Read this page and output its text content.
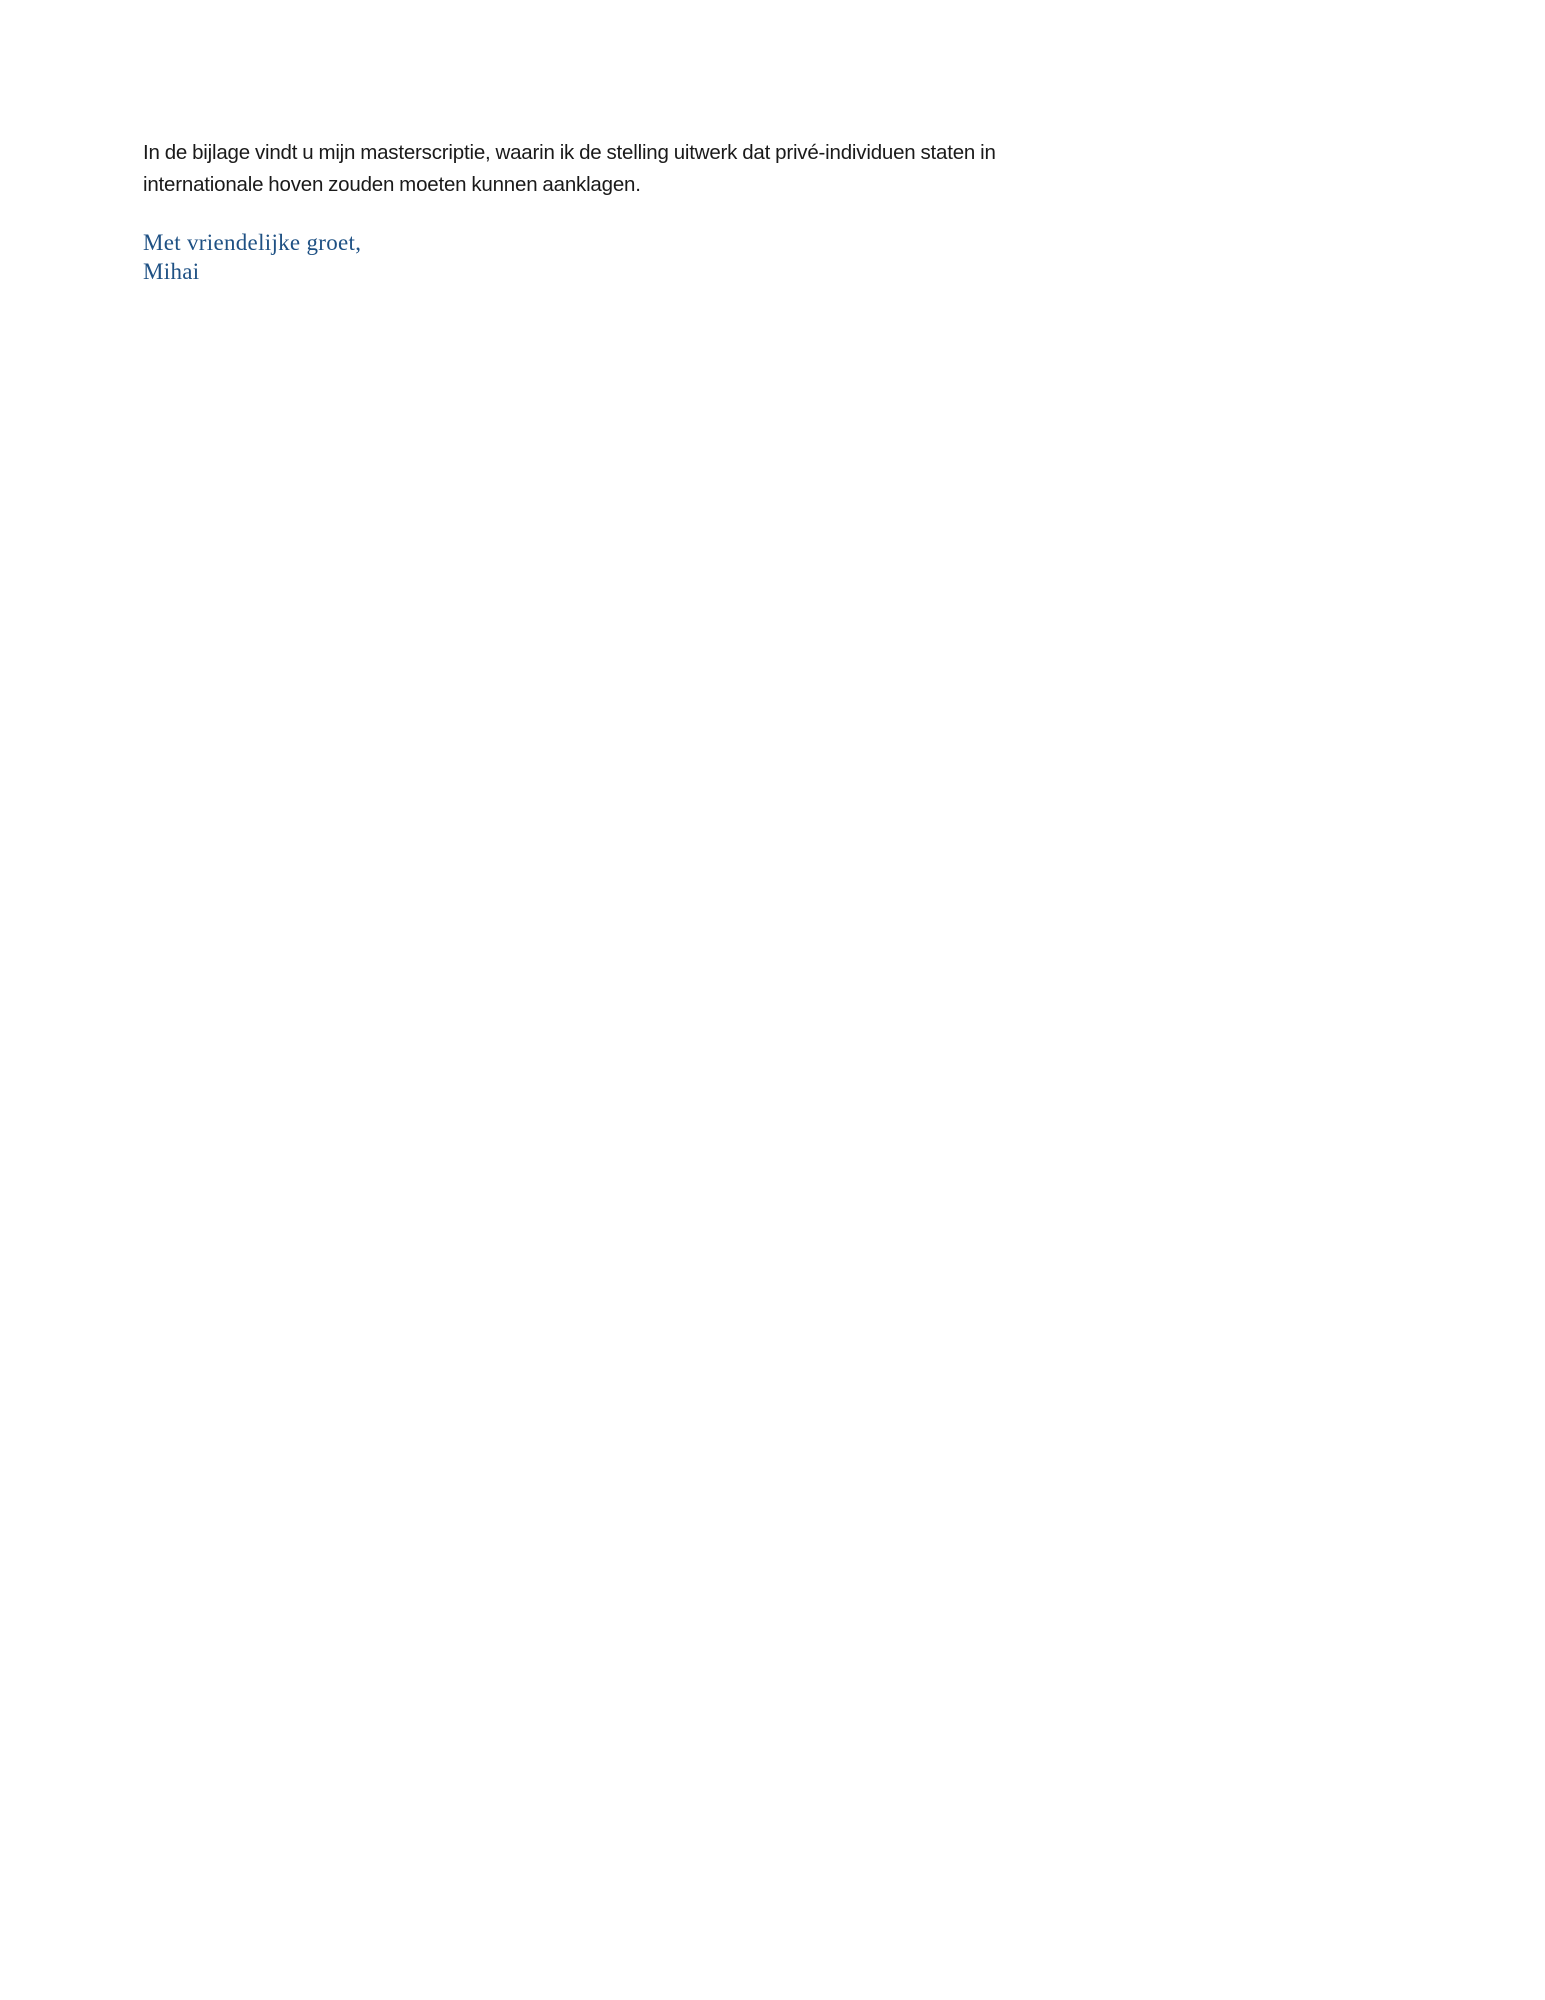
In de bijlage vindt u mijn masterscriptie, waarin ik de stelling uitwerk dat privé-individuen staten in internationale hoven zouden moeten kunnen aanklagen.

Met vriendelijke groet,

Mihai
